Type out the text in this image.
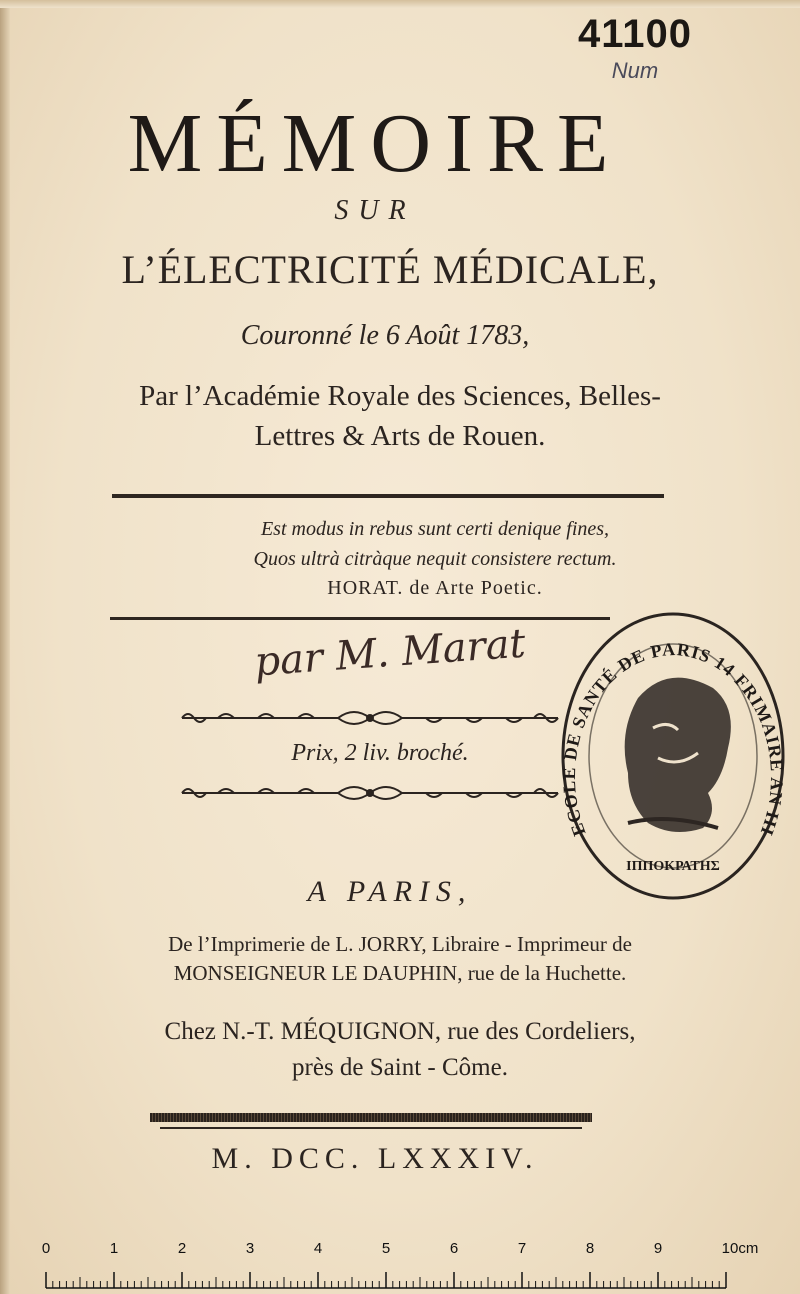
41100
Num
MÉMOIRE
SUR
L’ÉLECTRICITÉ MÉDICALE,
Couronné le 6 Août 1783,
Par l’Académie Royale des Sciences, Belles-
Lettres & Arts de Rouen.
Est modus in rebus sunt certi denique fines,
Quos ultrà citràque nequit consistere rectum.
HORAT. de Arte Poetic.
par M. Marat
Prix, 2 liv. broché.
ECOLE DE SANTÉ DE PARIS 14 FRIMAIRE AN III
ΙΠΠΟΚΡΑΤΗΣ
A PARIS,
De l’Imprimerie de L. JORRY, Libraire - Imprimeur de
MONSEIGNEUR LE DAUPHIN, rue de la Huchette.
Chez N.-T. MÉQUIGNON, rue des Cordeliers,
près de Saint - Côme.
M. DCC. LXXXIV.
0	1	2	3	4	5	6	7	8	9	10cm
